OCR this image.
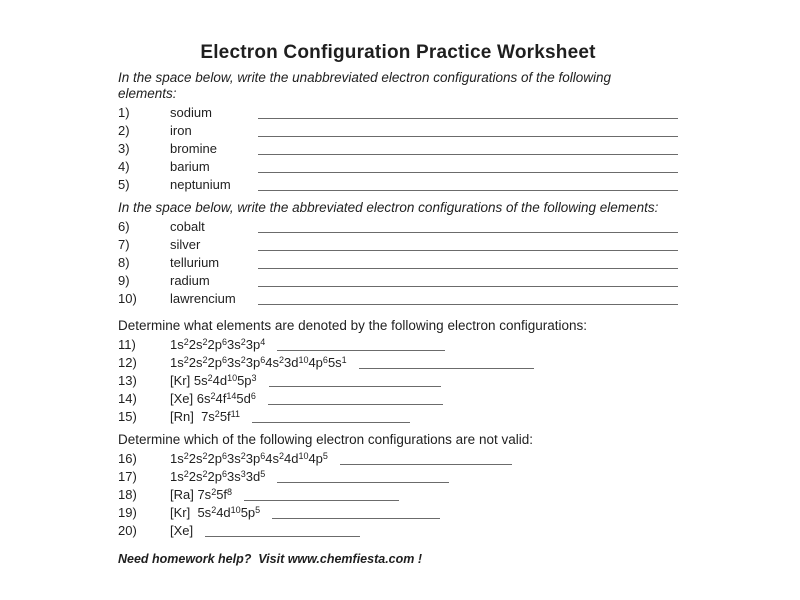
Electron Configuration Practice Worksheet
In the space below, write the unabbreviated electron configurations of the following elements:
1)	sodium
2)	iron
3)	bromine
4)	barium
5)	neptunium
In the space below, write the abbreviated electron configurations of the following elements:
6)	cobalt
7)	silver
8)	tellurium
9)	radium
10)	lawrencium
Determine what elements are denoted by the following electron configurations:
11)	$1s^22s^22p^63s^23p^4$
12)	$1s^22s^22p^63s^23p^64s^23d^{10}4p^65s^1$
13)	[Kr] $5s^24d^{10}5p^3$
14)	[Xe] $6s^24f^{14}5d^6$
15)	[Rn]  $7s^25f^{11}$
Determine which of the following electron configurations are not valid:
16)	$1s^22s^22p^63s^23p^64s^24d^{10}4p^5$
17)	$1s^22s^22p^63s^33d^5$
18)	[Ra] $7s^25f^8$
19)	[Kr]  $5s^24d^{10}5p^5$
20)	[Xe]
Need homework help?  Visit www.chemfiesta.com !
